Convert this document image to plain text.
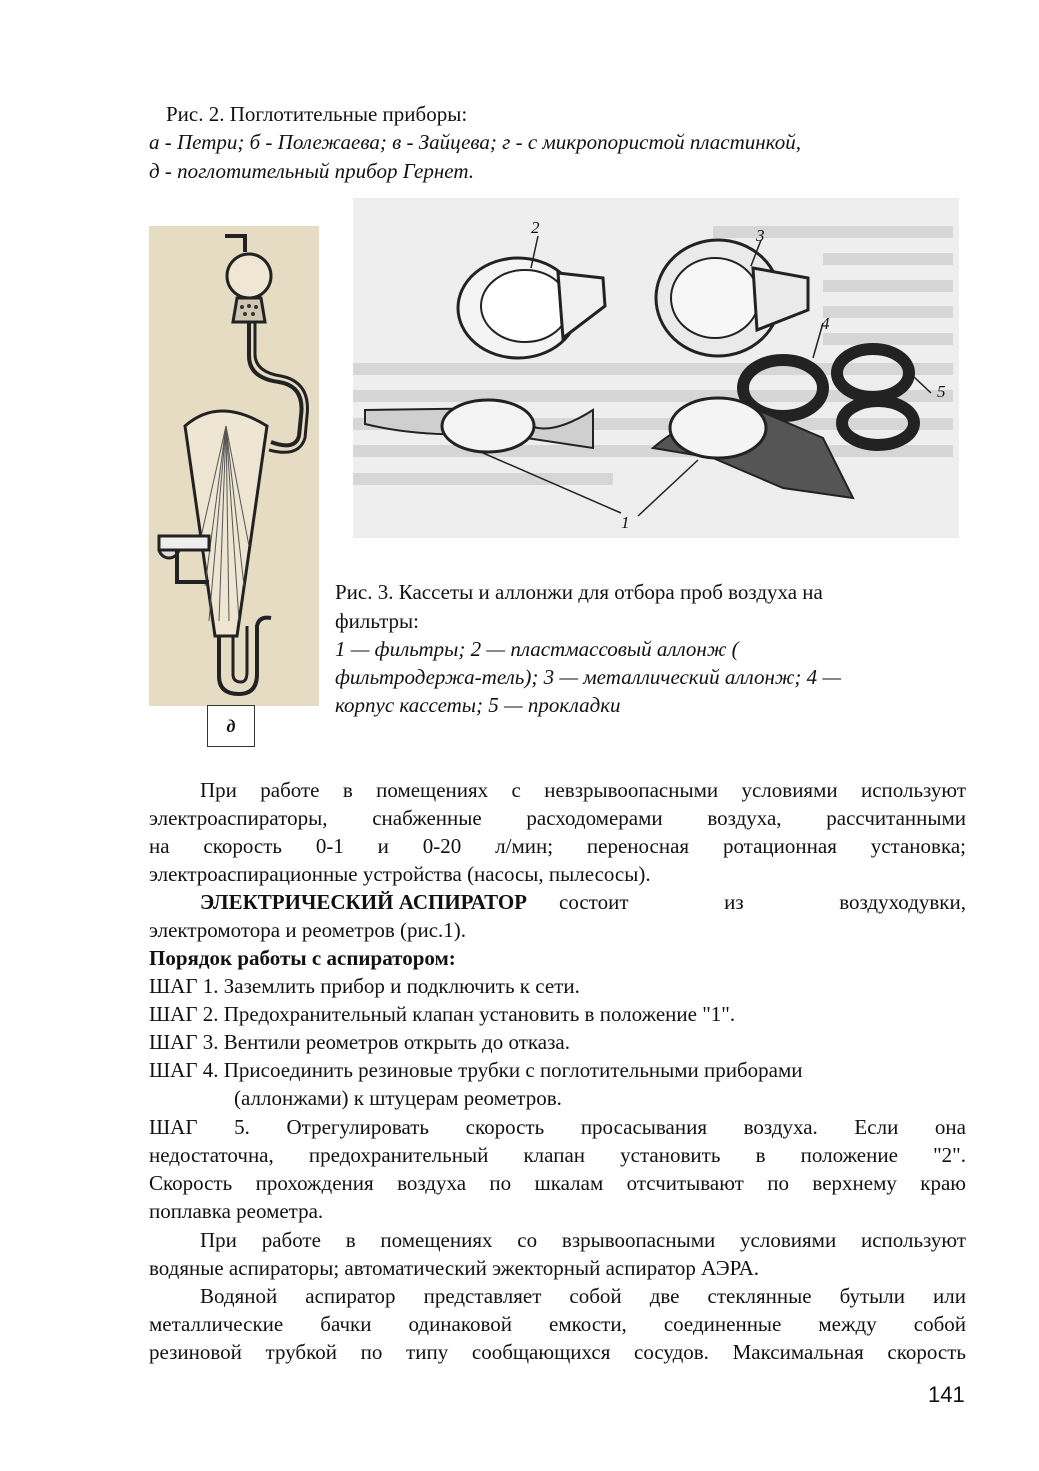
Рис. 2. Поглотительные приборы:
а - Петри; б - Полежаева; в - Зайцева; г - с микропористой пластинкой,
д - поглотительный прибор Гернет.
д
2	3
4
5
1
Рис. 3. Кассеты и аллонжи для отбора проб воздуха на
фильтры:
1 — фильтры; 2 — пластмассовый аллонж (
фильтродержа-тель); 3 — металлический аллонж; 4 —
корпус кассеты; 5 — прокладки
При работе в помещениях с невзрывоопасными условиями используют
электроаспираторы, снабженные расходомерами воздуха, рассчитанными
на скорость 0-1 и 0-20 л/мин; переносная ротационная установка;
электроаспирационные устройства (насосы, пылесосы).
ЭЛЕКТРИЧЕСКИЙ АСПИРАТОР состоит из воздуходувки,
электромотора и реометров (рис.1).
Порядок работы с аспиратором:
ШАГ 1. Заземлить прибор и подключить к сети.
ШАГ 2. Предохранительный клапан установить в положение "1".
ШАГ 3. Вентили реометров открыть до отказа.
ШАГ 4. Присоединить резиновые трубки с поглотительными приборами
(аллонжами) к штуцерам реометров.
ШАГ 5. Отрегулировать скорость просасывания воздуха. Если она
недостаточна, предохранительный клапан установить в положение "2".
Скорость прохождения воздуха по шкалам отсчитывают по верхнему краю
поплавка реометра.
При работе в помещениях со взрывоопасными условиями используют
водяные аспираторы; автоматический эжекторный аспиратор АЭРА.
Водяной аспиратор представляет собой две стеклянные бутыли или
металлические бачки одинаковой емкости, соединенные между собой
резиновой трубкой по типу сообщающихся сосудов. Максимальная скорость
141
